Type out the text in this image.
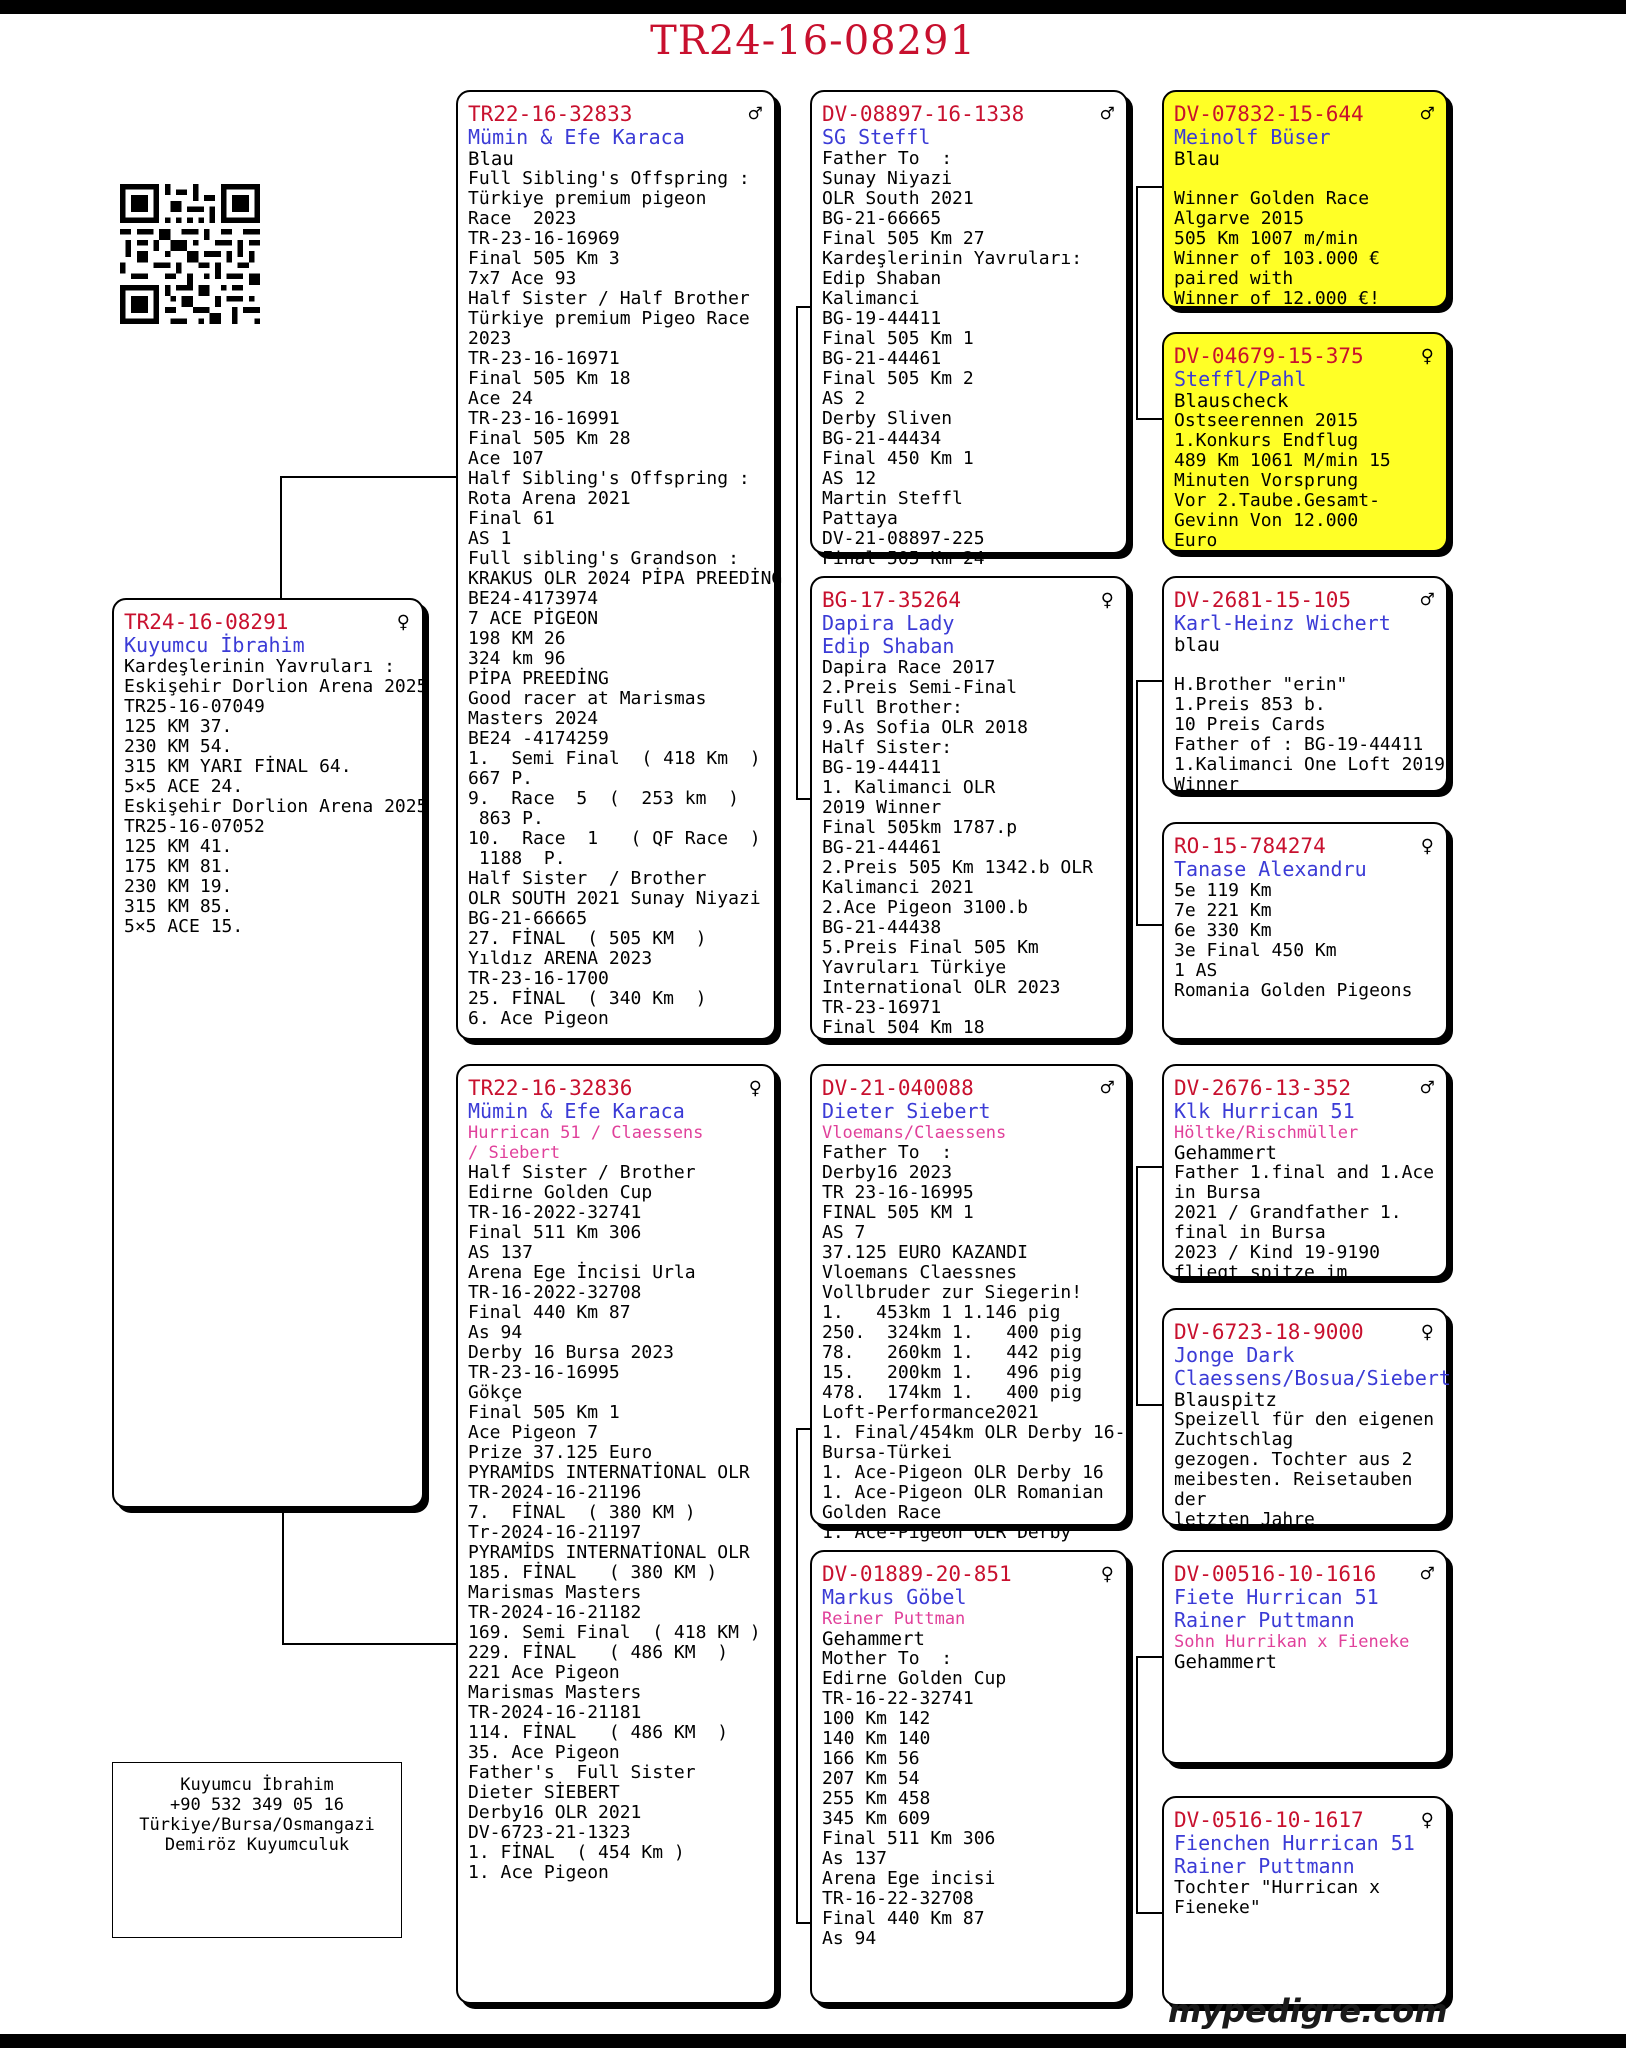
TR24-16-08291
TR24-16-08291	♀
Kuyumcu İbrahim
Kardeşlerinin Yavruları :
Eskişehir Dorlion Arena 2025
TR25-16-07049
125 KM 37.
230 KM 54.
315 KM YARI FİNAL 64.
5×5 ACE 24.
Eskişehir Dorlion Arena 2025
TR25-16-07052
125 KM 41.
175 KM 81.
230 KM 19.
315 KM 85.
5×5 ACE 15.
TR22-16-32833	♂
Mümin & Efe Karaca
Blau
Full Sibling's Offspring :
Türkiye premium pigeon
Race  2023
TR-23-16-16969
Final 505 Km 3
7x7 Ace 93
Half Sister / Half Brother
Türkiye premium Pigeo Race
2023
TR-23-16-16971
Final 505 Km 18
Ace 24
TR-23-16-16991
Final 505 Km 28
Ace 107
Half Sibling's Offspring :
Rota Arena 2021
Final 61
AS 1
Full sibling's Grandson :
KRAKUS OLR 2024 PİPA PREEDİNG
BE24-4173974
7 ACE PİGEON
198 KM 26
324 km 96
PİPA PREEDİNG
Good racer at Marismas
Masters 2024
BE24 -4174259
1.  Semi Final  ( 418 Km  )
667 P.
9.  Race  5  (  253 km  )
863 P.
10.  Race  1   ( QF Race  )
1188  P.
Half Sister  / Brother
OLR SOUTH 2021 Sunay Niyazi
BG-21-66665
27. FİNAL  ( 505 KM  )
Yıldız ARENA 2023
TR-23-16-1700
25. FİNAL  ( 340 Km  )
6. Ace Pigeon
TR22-16-32836	♀
Mümin & Efe Karaca
Hurrican 51 / Claessens / Siebert
Half Sister / Brother
Edirne Golden Cup
TR-16-2022-32741
Final 511 Km 306
AS 137
Arena Ege İncisi Urla
TR-16-2022-32708
Final 440 Km 87
As 94
Derby 16 Bursa 2023
TR-23-16-16995
Gökçe
Final 505 Km 1
Ace Pigeon 7
Prize 37.125 Euro
PYRAMİDS INTERNATİONAL OLR
TR-2024-16-21196
7.  FİNAL  ( 380 KM )
Tr-2024-16-21197
PYRAMİDS INTERNATİONAL OLR
185. FİNAL   ( 380 KM )
Marismas Masters
TR-2024-16-21182
169. Semi Final  ( 418 KM )
229. FİNAL   ( 486 KM  )
221 Ace Pigeon
Marismas Masters
TR-2024-16-21181
114. FİNAL   ( 486 KM  )
35. Ace Pigeon
Father's  Full Sister
Dieter SİEBERT
Derby16 OLR 2021
DV-6723-21-1323
1. FİNAL  ( 454 Km )
1. Ace Pigeon
DV-08897-16-1338	♂
SG Steffl
Father To  :
Sunay Niyazi
OLR South 2021
BG-21-66665
Final 505 Km 27
Kardeşlerinin Yavruları:
Edip Shaban
Kalimanci
BG-19-44411
Final 505 Km 1
BG-21-44461
Final 505 Km 2
AS 2
Derby Sliven
BG-21-44434
Final 450 Km 1
AS 12
Martin Steffl
Pattaya
DV-21-08897-225
Final 505 Km 24
BG-17-35264	♀
Dapira Lady
Edip Shaban
Dapira Race 2017
2.Preis Semi-Final
Full Brother:
9.As Sofia OLR 2018
Half Sister:
BG-19-44411
1. Kalimanci OLR
2019 Winner
Final 505km 1787.p
BG-21-44461
2.Preis 505 Km 1342.b OLR
Kalimanci 2021
2.Ace Pigeon 3100.b
BG-21-44438
5.Preis Final 505 Km
Yavruları Türkiye
International OLR 2023
TR-23-16971
Final 504 Km 18
DV-21-040088	♂
Dieter Siebert
Vloemans/Claessens
Father To  :
Derby16 2023
TR 23-16-16995
FINAL 505 KM 1
AS 7
37.125 EURO KAZANDI
Vloemans Claessnes
Vollbruder zur Siegerin!
1.   453km 1 1.146 pig
250.  324km 1.   400 pig
78.   260km 1.   442 pig
15.   200km 1.   496 pig
478.  174km 1.   400 pig
Loft-Performance2021
1. Final/454km OLR Derby 16-
Bursa-Türkei
1. Ace-Pigeon OLR Derby 16
1. Ace-Pigeon OLR Romanian
Golden Race
1. Ace-Pigeon OLR Derby
DV-01889-20-851	♀
Markus Göbel
Reiner Puttman
Gehammert
Mother To  :
Edirne Golden Cup
TR-16-22-32741
100 Km 142
140 Km 140
166 Km 56
207 Km 54
255 Km 458
345 Km 609
Final 511 Km 306
As 137
Arena Ege incisi
TR-16-22-32708
Final 440 Km 87
As 94
DV-07832-15-644	♂
Meinolf Büser
Blau

Winner Golden Race
Algarve 2015
505 Km 1007 m/min
Winner of 103.000 €
paired with
Winner of 12.000 €!
DV-04679-15-375	♀
Steffl/Pahl
Blauscheck
Ostseerennen 2015
1.Konkurs Endflug
489 Km 1061 M/min 15
Minuten Vorsprung
Vor 2.Taube.Gesamt-
Gevinn Von 12.000
Euro
DV-2681-15-105	♂
Karl-Heinz Wichert
blau

H.Brother "erin"
1.Preis 853 b.
10 Preis Cards
Father of : BG-19-44411
1.Kalimanci One Loft 2019
Winner
RO-15-784274	♀
Tanase Alexandru
5e 119 Km
7e 221 Km
6e 330 Km
3e Final 450 Km
1 AS
Romania Golden Pigeons
DV-2676-13-352	♂
Klk Hurrican 51
Höltke/Rischmüller
Gehammert
Father 1.final and 1.Ace
in Bursa
2021 / Grandfather 1.
final in Bursa
2023 / Kind 19-9190
fliegt spitze im
DV-6723-18-9000	♀
Jonge Dark
Claessens/Bosua/Siebert
Blauspitz
Speizell für den eigenen
Zuchtschlag
gezogen. Tochter aus 2
meibesten. Reisetauben
der
letzten Jahre
DV-00516-10-1616	♂
Fiete Hurrican 51
Rainer Puttmann
Sohn Hurrikan x Fieneke
Gehammert
DV-0516-10-1617	♀
Fienchen Hurrican 51
Rainer Puttmann
Tochter "Hurrican x
Fieneke"
Kuyumcu İbrahim
+90 532 349 05 16
Türkiye/Bursa/Osmangazi
Demiröz Kuyumculuk
mypedigre.com
